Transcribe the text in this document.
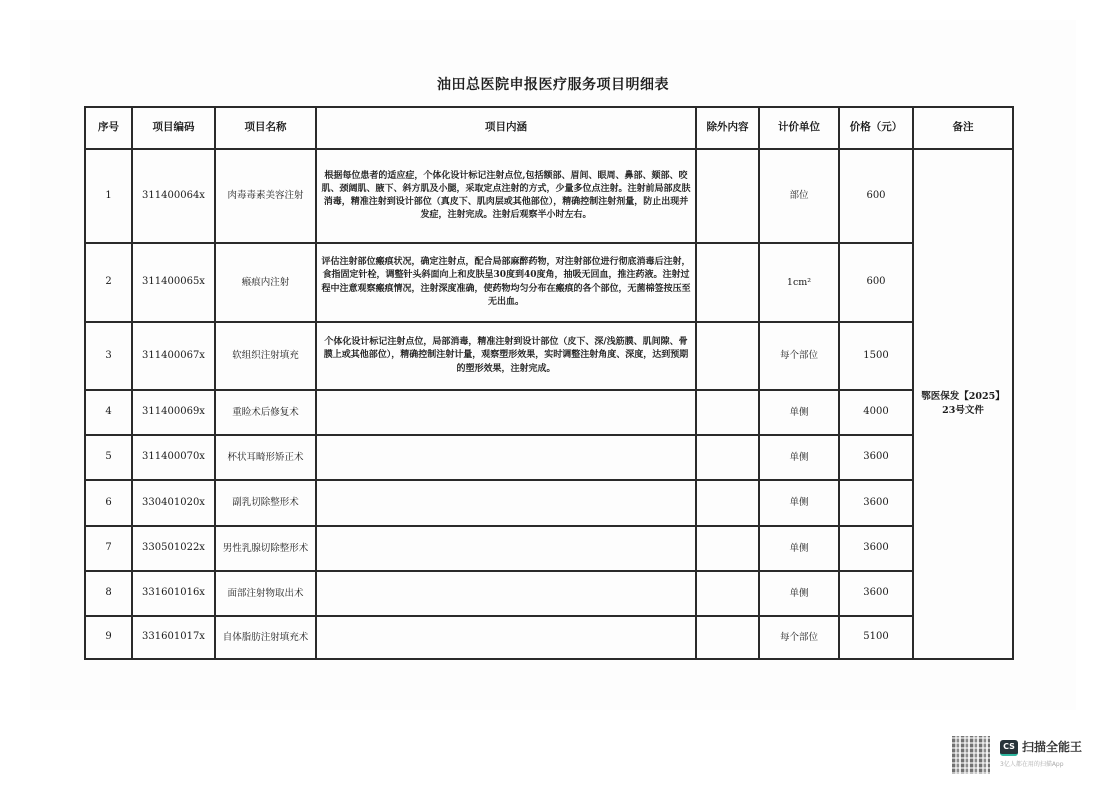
油田总医院申报医疗服务项目明细表
序号	项目编码	项目名称	项目内涵	除外内容	计价单位	价格（元）	备注
1	311400064x	肉毒毒素美容注射	根据每位患者的适应症，个体化设计标记注射点位,包括额部、眉间、眼周、鼻部、颏部、咬肌、颈阔肌、腋下、斜方肌及小腿，采取定点注射的方式，少量多位点注射。注射前局部皮肤消毒，精准注射到设计部位（真皮下、肌肉层或其他部位），精确控制注射剂量，防止出现并发症，注射完成。注射后观察半小时左右。		部位	600	鄂医保发【2025】
23号文件

2	311400065x	瘢痕内注射	评估注射部位瘢痕状况，确定注射点，配合局部麻醉药物，对注射部位进行彻底消毒后注射，食指固定针栓，调整针头斜面向上和皮肤呈30度到40度角，抽吸无回血，推注药液。注射过程中注意观察瘢痕情况，注射深度准确，使药物均匀分布在瘢痕的各个部位，无菌棉签按压至无出血。		1cm²	600	
3	311400067x	软组织注射填充	个体化设计标记注射点位，局部消毒，精准注射到设计部位（皮下、深/浅筋膜、肌间隙、骨膜上或其他部位），精确控制注射计量，观察塑形效果，实时调整注射角度、深度，达到预期的塑形效果，注射完成。		每个部位	1500	
4	311400069x	重睑术后修复术			单侧	4000	
5	311400070x	杯状耳畸形矫正术			单侧	3600	
6	330401020x	副乳切除整形术			单侧	3600	
7	330501022x	男性乳腺切除整形术			单侧	3600	
8	331601016x	面部注射物取出术			单侧	3600	
9	331601017x	自体脂肪注射填充术			每个部位	5100	
CS 扫描全能王
3亿人都在用的扫描App
